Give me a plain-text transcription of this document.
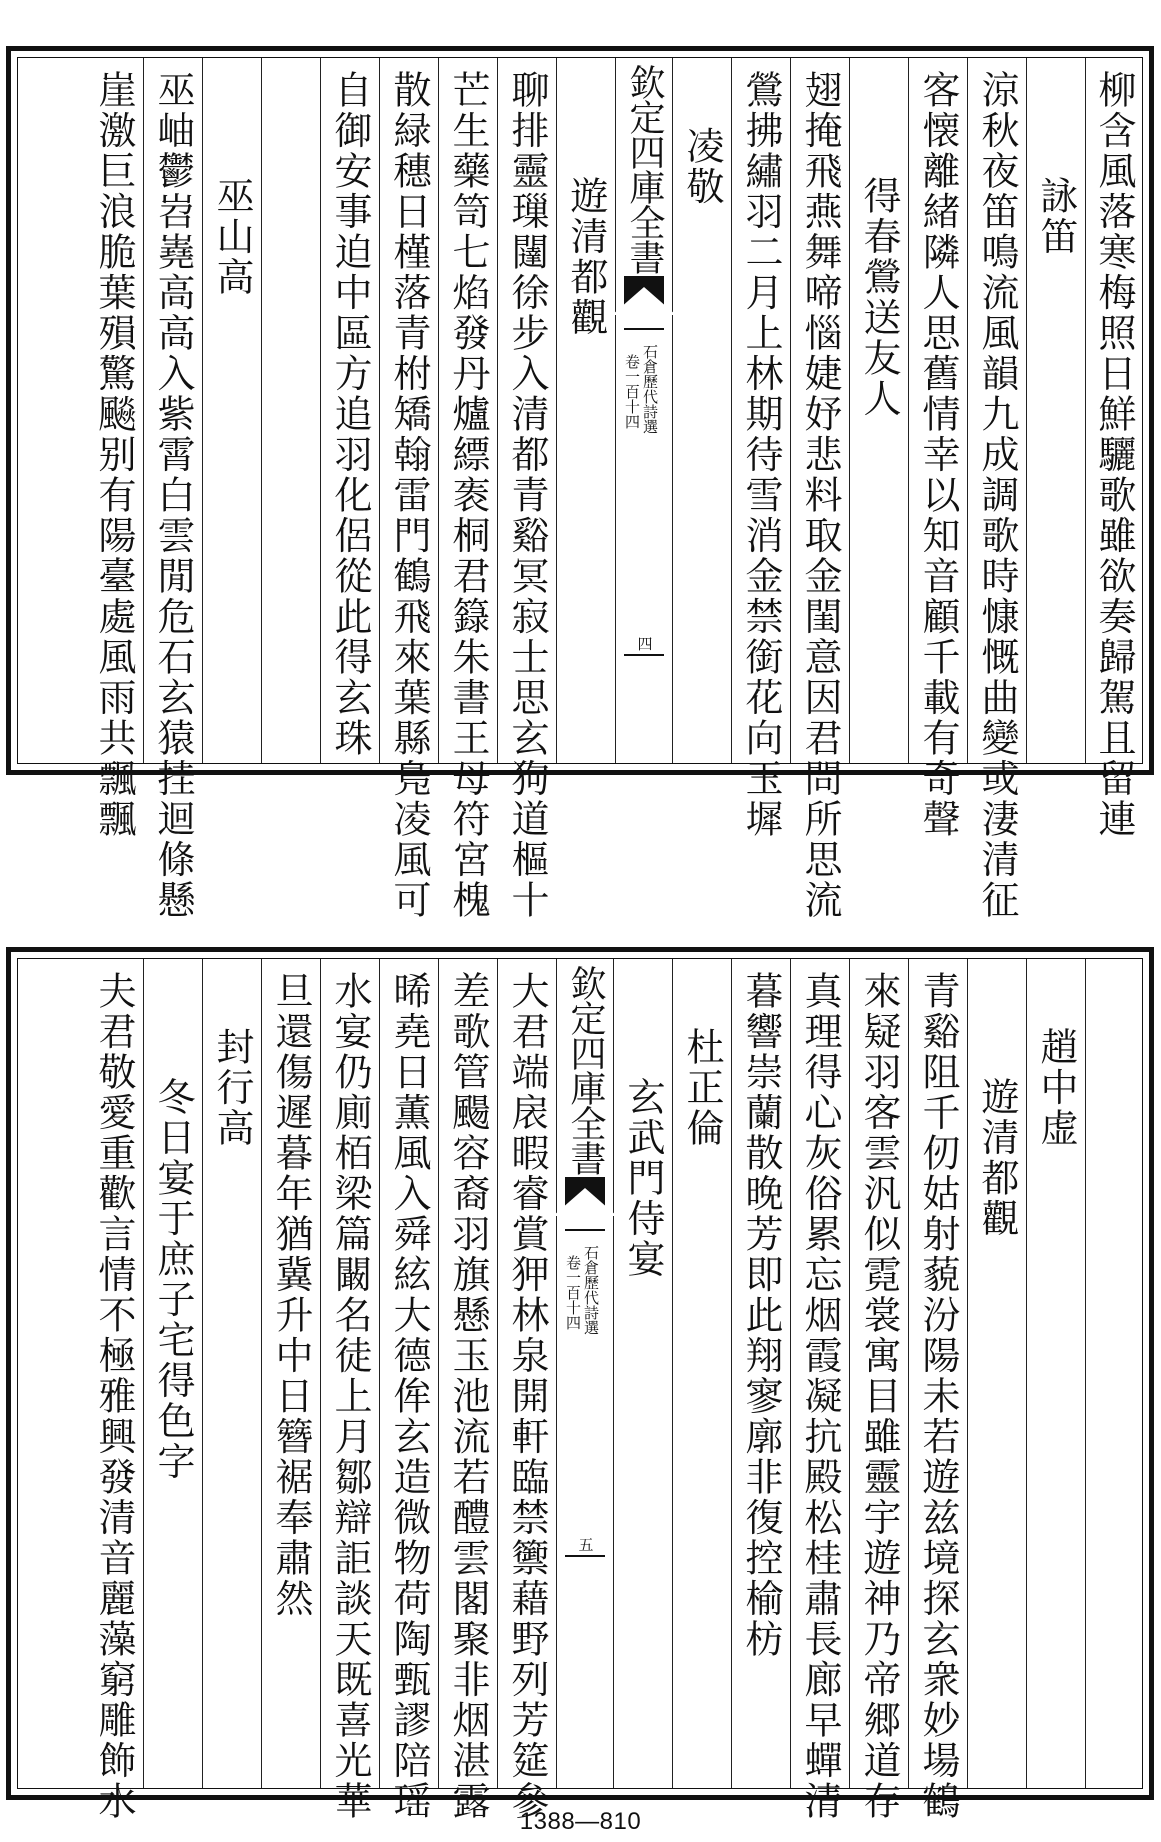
柳含風落寒梅照日鮮驪歌雖欲奏歸駕且留連
詠笛
涼秋夜笛鳴流風韻九成調歌時慷慨曲變或淒清征
客懐離緒隣人思舊情幸以知音顧千載有奇聲
得春鶯送友人
翅掩飛燕舞啼惱婕妤悲料取金閨意因君問所思流
鶯拂繡羽二月上林期待雪消金禁銜花向玉墀
凌敬
欽定四庫全書
石倉歷代詩選
卷一百十四
四
遊清都觀
聊排靈璅闥徐步入清都青谿冥寂士思玄狗道樞十
芒生藥笥七焰發丹爐縹袠桐君籙朱書王母符宮槐
散緑穗日槿落青柎矯翰雷門鶴飛來葉縣鳬凌風可
自御安事迫中區方追羽化侶從此得玄珠
巫山高
巫岫鬱岧嶤高高入紫霄白雲閒危石玄猿挂迴條懸
崖激巨浪脆葉殞驚飈别有陽臺處風雨共飄飄
趙中虚
遊清都觀
青谿阻千仞姑射藐汾陽未若遊兹境探玄衆妙場鶴
來疑羽客雲汎似霓裳寓目雖靈宇遊神乃帝郷道存
真理得心灰俗累忘烟霞凝抗殿松桂肅長廊早蟬清
暮響崇蘭散晚芳即此翔寥廓非復控榆枋
杜正倫
玄武門侍宴
欽定四庫全書
石倉歷代詩選
卷一百十四
五
大君端扆暇睿賞狎林泉開軒臨禁籞藉野列芳筵參
差歌管颺容裔羽旗懸玉池流若醴雲閣聚非烟湛露
晞堯日薫風入舜絃大德侔玄造微物荷陶甄謬陪瑶
水宴仍廁栢梁篇闞名徒上月鄒辯詎談天既喜光華
旦還傷遲暮年猶冀升中日簪裾奉肅然
封行高
冬日宴于庶子宅得色字
夫君敬愛重歡言情不極雅興發清音麗藻窮雕飾水	1388—810
